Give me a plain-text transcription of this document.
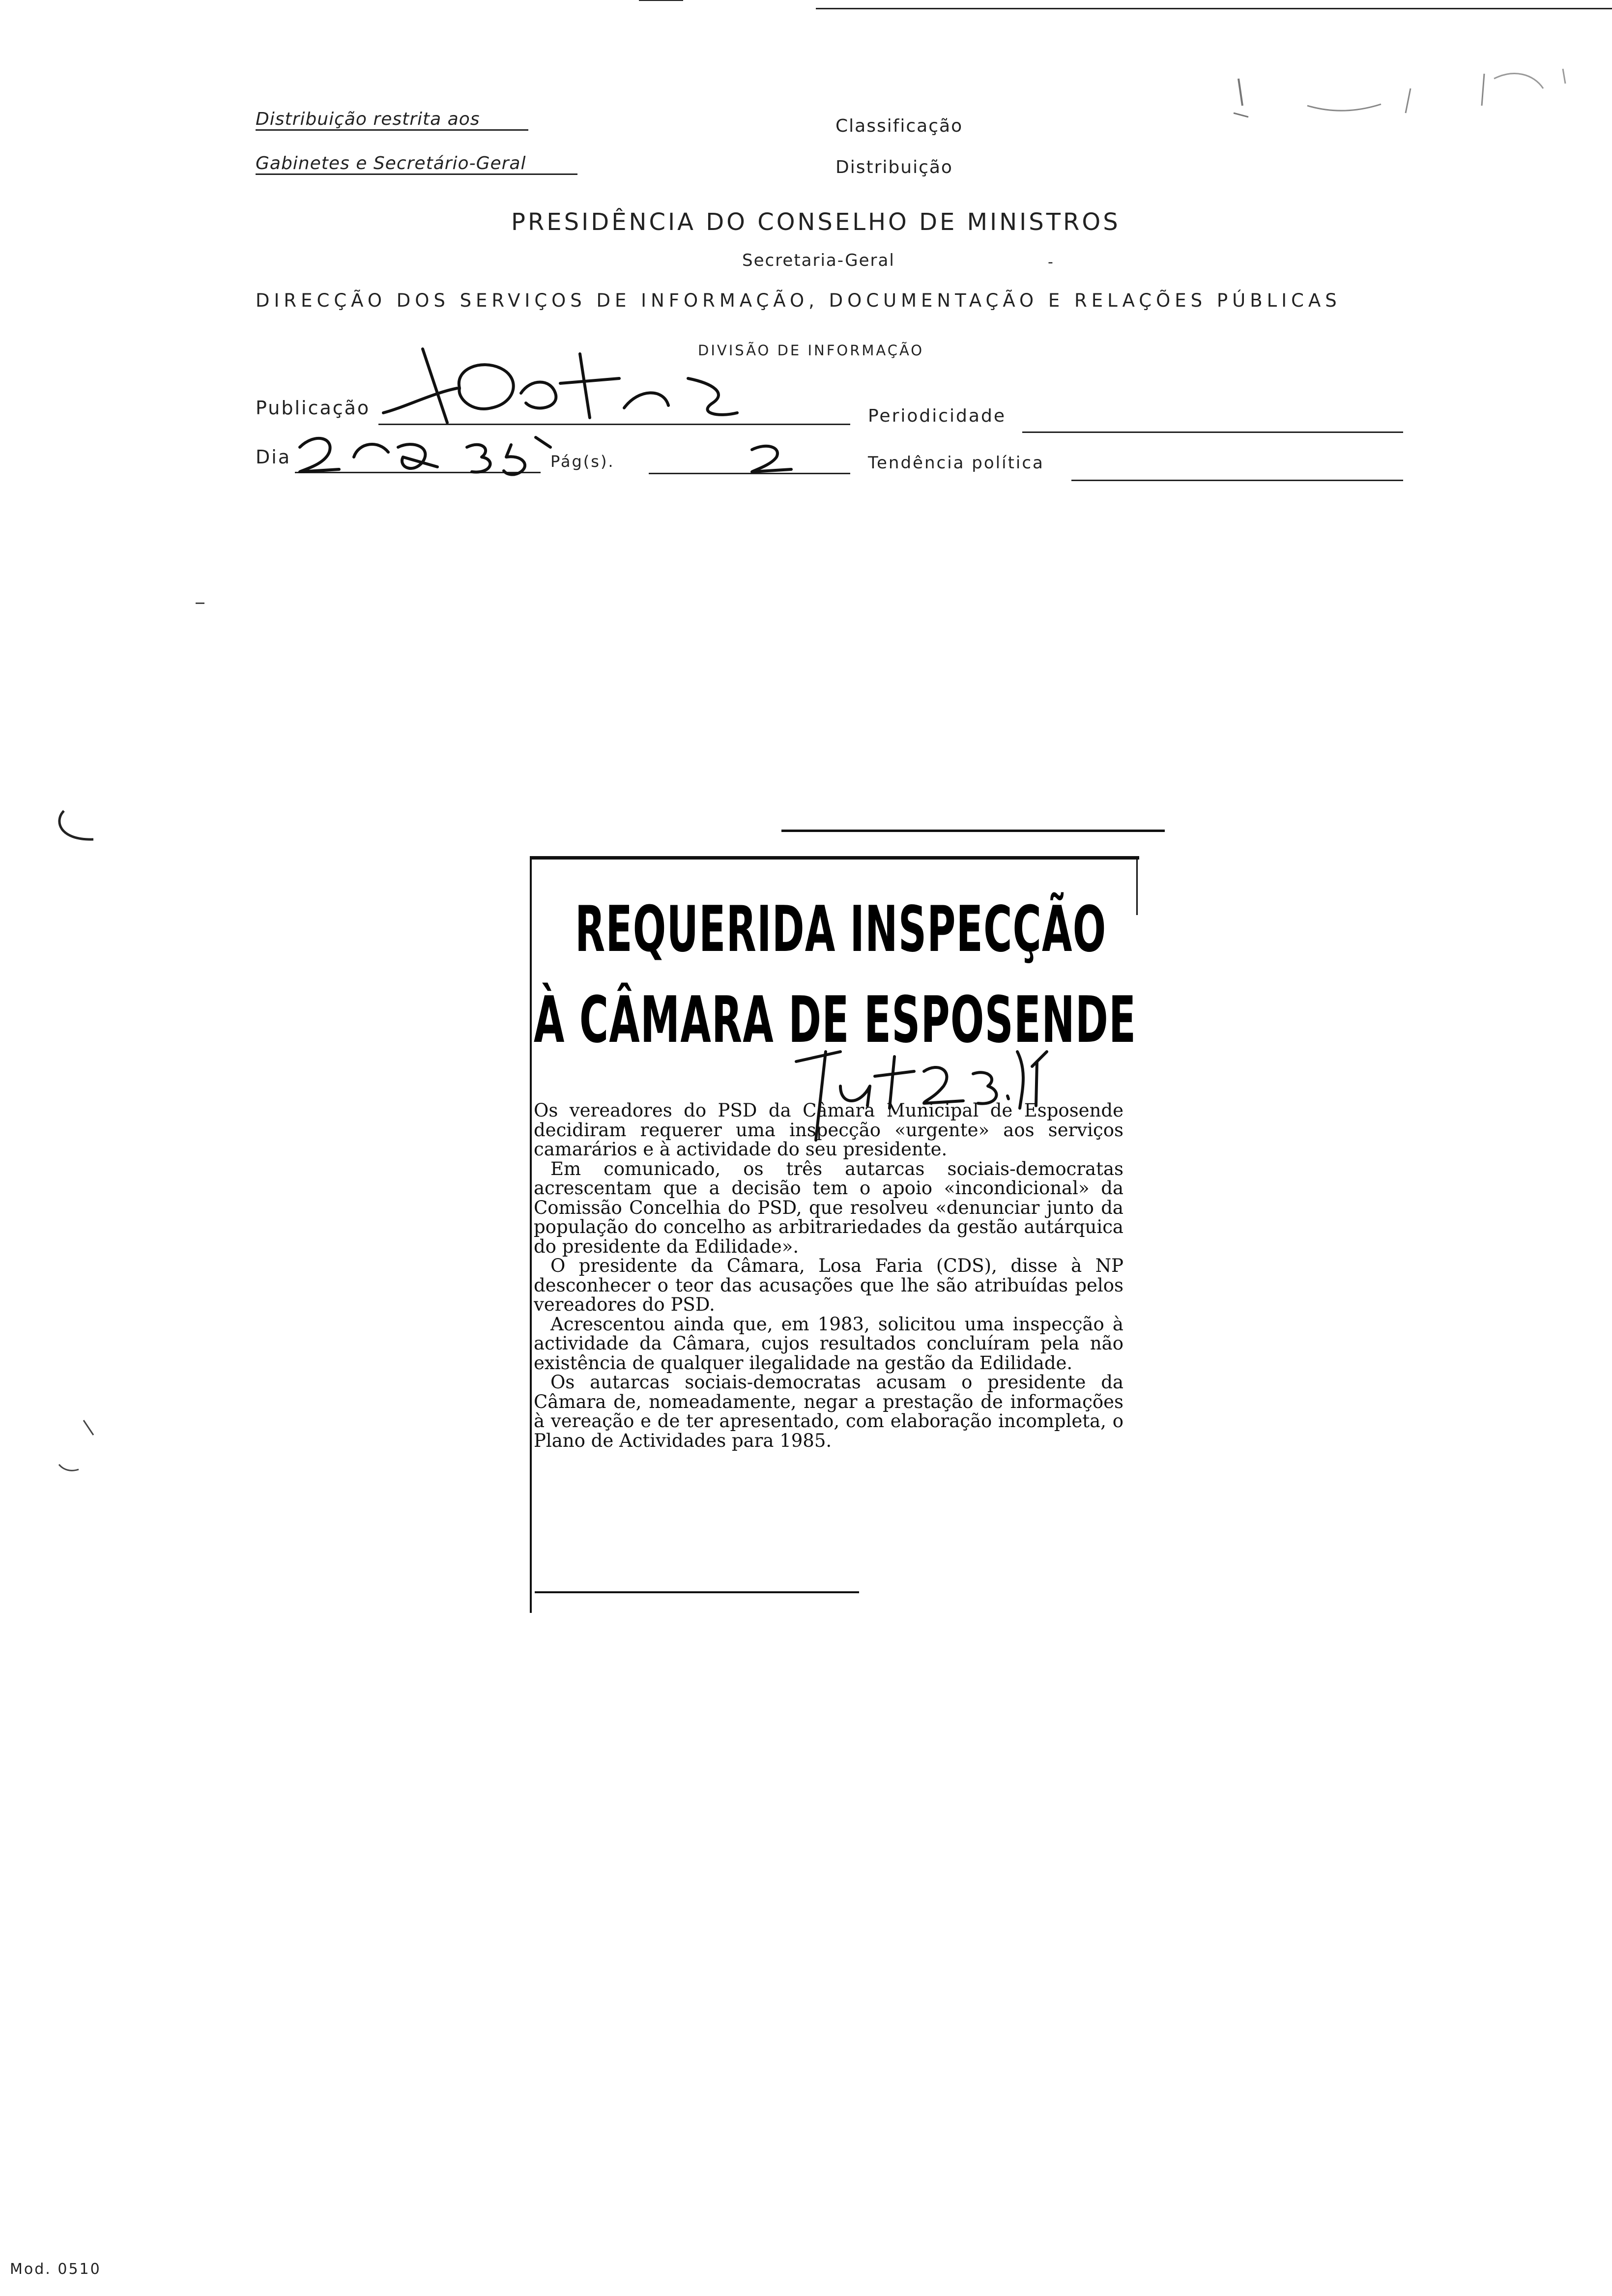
Distribuição restrita aos
Gabinetes e Secretário-Geral
Classificação
Distribuição
PRESIDÊNCIA DO CONSELHO DE MINISTROS
Secretaria-Geral	-
DIRECÇÃO DOS SERVIÇOS DE INFORMAÇÃO, DOCUMENTAÇÃO E RELAÇÕES PÚBLICAS
DIVISÃO DE INFORMAÇÃO
Publicação	Periodicidade
Dia	Pág(s).	Tendência política
REQUERIDA INSPECÇÃO
À CÂMARA DE ESPOSENDE

Os vereadores do PSD da Câmara Municipal de Esposende decidiram requerer uma inspecção «urgente» aos serviços camarários e à actividade do seu presidente.

Em comunicado, os três autarcas sociais-democratas acrescentam que a decisão tem o apoio «incondicional» da Comissão Concelhia do PSD, que resolveu «denunciar junto da população do concelho as arbitrariedades da gestão autárquica do presidente da Edilidade».

O presidente da Câmara, Losa Faria (CDS), disse à NP desconhecer o teor das acusações que lhe são atribuídas pelos vereadores do PSD.

Acrescentou ainda que, em 1983, solicitou uma inspecção à actividade da Câmara, cujos resultados concluíram pela não existência de qualquer ilegalidade na gestão da Edilidade.

Os autarcas sociais-democratas acusam o presidente da Câmara de, nomeadamente, negar a prestação de informações à vereação e de ter apresentado, com elaboração incompleta, o Plano de Actividades para 1985.

Mod. 0510
